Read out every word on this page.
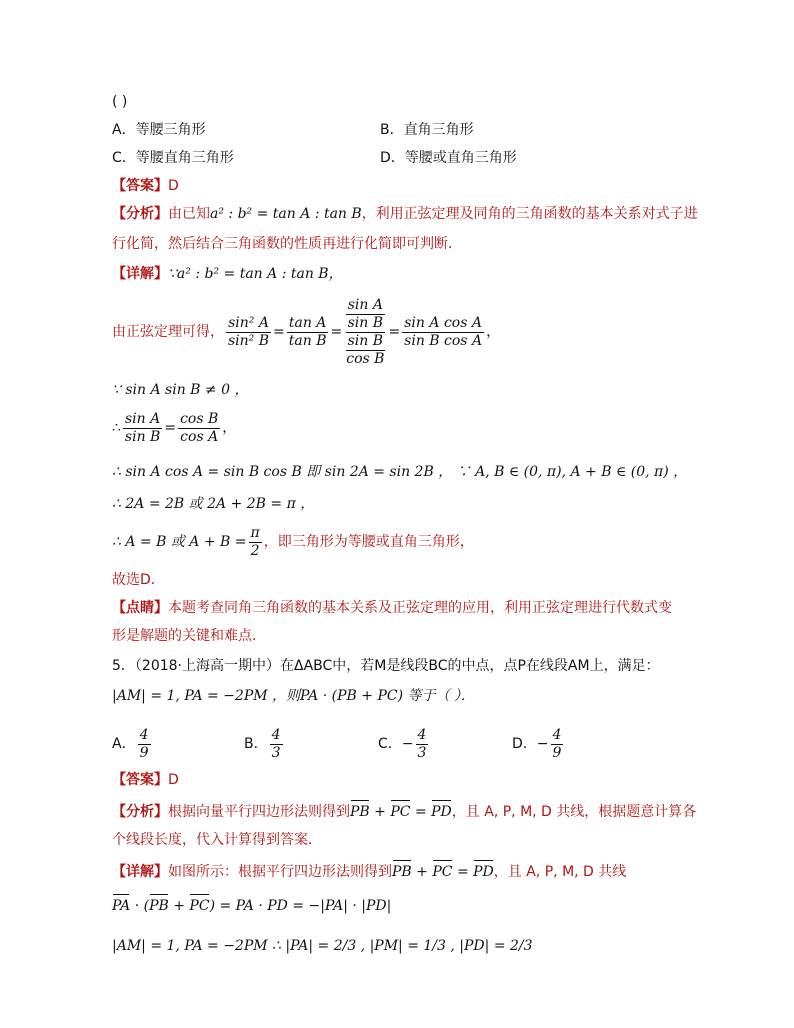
( )
A．等腰三角形	B．直角三角形
C．等腰直角三角形	D．等腰或直角三角形
【答案】D
【分析】由已知a² : b² = tan A : tan B，利用正弦定理及同角的三角函数的基本关系对式子进
行化简，然后结合三角函数的性质再进行化简即可判断．
【详解】∵a² : b² = tan A : tan B，
由正弦定理可得， $\frac{\text{sin² A}}{\text{sin² B}} = \frac{\text{tan A}}{\text{tan B}} = \frac{\frac{\text{sin A}}{\text{sin B}}}{\frac{\text{sin B}}{\text{cos B}}} = \frac{\text{sin A cos A}}{\text{sin B cos A}}$ ，
∵ sin A sin B ≠ 0 ，
∴ $\frac{\text{sin A}}{\text{sin B}} = \frac{\text{cos B}}{\text{cos A}}$ ，
∴ sin A cos A = sin B cos B 即 sin 2A = sin 2B ， ∵ A, B ∈ (0, π), A + B ∈ (0, π) ，
∴ 2A = 2B 或 2A + 2B = π ，
∴ A = B 或 $A + B = \frac{\pi}{2}$ ，即三角形为等腰或直角三角形，
故选D．
【点睛】本题考查同角三角函数的基本关系及正弦定理的应用，利用正弦定理进行代数式变
形是解题的关键和难点．
5．（2018·上海高一期中）在ΔABC中，若M是线段BC的中点，点P在线段AM上，满足：
|AM| = 1, PA = −2PM ，则PA · (PB + PC) 等于（ ）．
A． $\frac{4}{9}$	B． $\frac{4}{3}$	C．− $\frac{4}{3}$	D．− $\frac{4}{9}$
【答案】D
【分析】根据向量平行四边形法则得到PB + PC = PD，且 A, P, M, D 共线，根据题意计算各
个线段长度，代入计算得到答案．
【详解】如图所示：根据平行四边形法则得到PB + PC = PD，且 A, P, M, D 共线
PA · (PB + PC) = PA · PD = −|PA| · |PD|
|AM| = 1, PA = −2PM ∴ |PA| = 2/3 , |PM| = 1/3 , |PD| = 2/3
